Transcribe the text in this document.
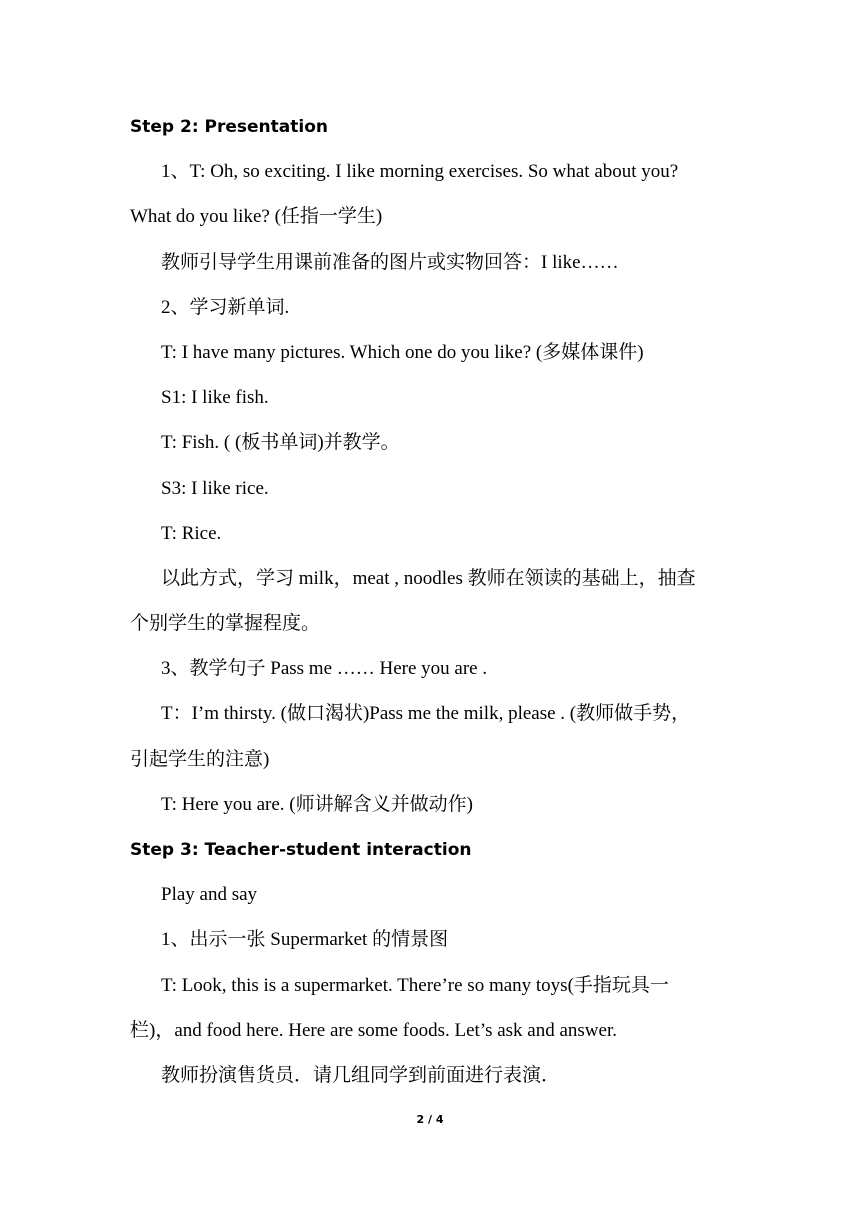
Step 2: Presentation
1、T: Oh, so exciting. I like morning exercises. So what about you?
What do you like? (任指一学生)
教师引导学生用课前准备的图片或实物回答：I like……
2、学习新单词.
T: I have many pictures. Which one do you like? (多媒体课件)
S1: I like fish.
T: Fish. ( (板书单词)并教学。
S3: I like rice.
T: Rice.
以此方式，学习 milk，meat , noodles 教师在领读的基础上，抽查
个别学生的掌握程度。
3、教学句子 Pass me …… Here you are .
T：I’m thirsty. (做口渴状)Pass me the milk, please . (教师做手势，
引起学生的注意)
T: Here you are. (师讲解含义并做动作)
Step 3: Teacher-student interaction
Play and say
1、出示一张 Supermarket 的情景图
T: Look, this is a supermarket. There’re so many toys(手指玩具一
栏)，and food here. Here are some foods. Let’s ask and answer.
教师扮演售货员．请几组同学到前面进行表演．
2 / 4
